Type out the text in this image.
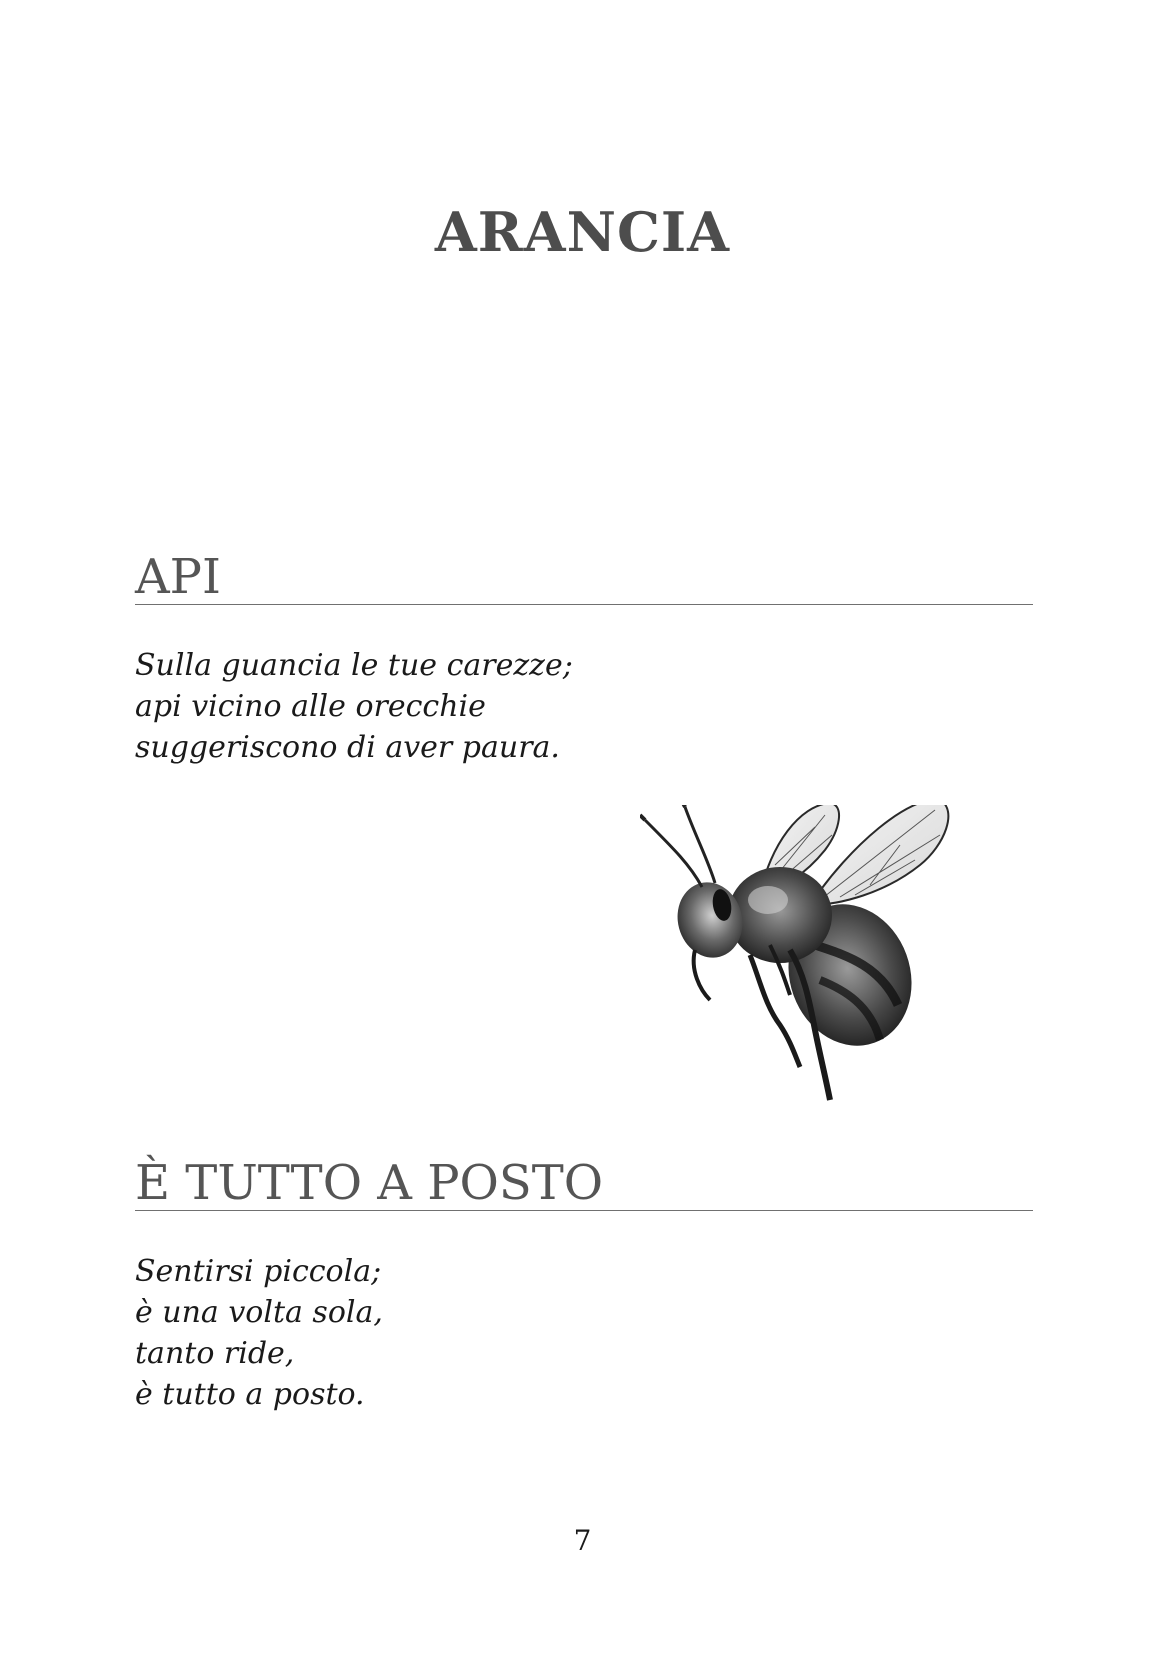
ARANCIA
API
Sulla guancia le tue carezze;
api vicino alle orecchie
suggeriscono di aver paura.
È TUTTO A POSTO
Sentirsi piccola;
è una volta sola,
tanto ride,
è tutto a posto.
7
